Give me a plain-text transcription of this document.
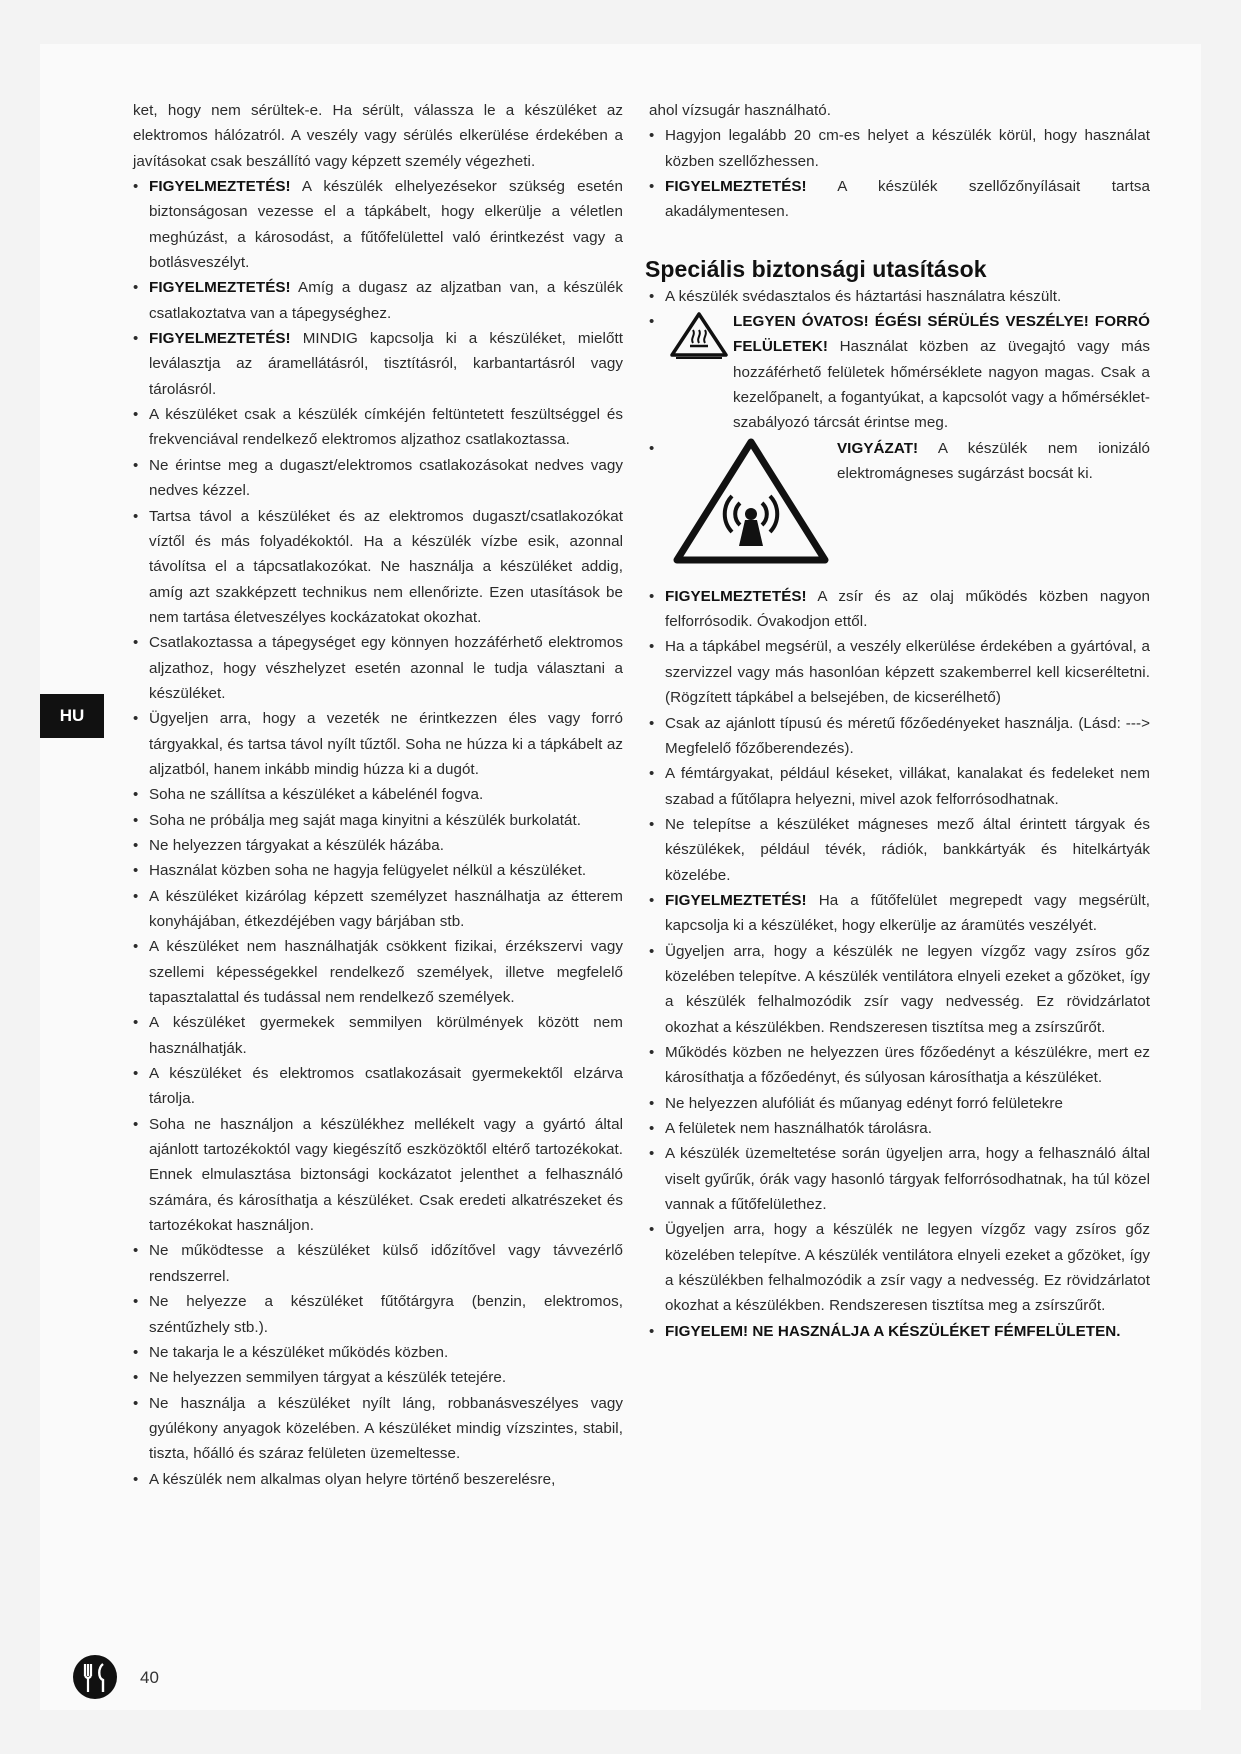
HU

ket, hogy nem sérültek-e. Ha sérült, válassza le a készüléket az elektromos hálózatról. A veszély vagy sérülés elkerülése érdekében a javításokat csak beszállító vagy képzett személy végezheti.

• FIGYELMEZTETÉS! A készülék elhelyezésekor szükség esetén biztonságosan vezesse el a tápkábelt, hogy elkerülje a véletlen meghúzást, a károsodást, a fűtőfelülettel való érintkezést vagy a botlásveszélyt.
• FIGYELMEZTETÉS! Amíg a dugasz az aljzatban van, a készülék csatlakoztatva van a tápegységhez.
• FIGYELMEZTETÉS! MINDIG kapcsolja ki a készüléket, mielőtt leválasztja az áramellátásról, tisztításról, karbantartásról vagy tárolásról.
• A készüléket csak a készülék címkéjén feltüntetett feszültséggel és frekvenciával rendelkező elektromos aljzathoz csatlakoztassa.
• Ne érintse meg a dugaszt/elektromos csatlakozásokat nedves vagy nedves kézzel.
• Tartsa távol a készüléket és az elektromos dugaszt/csatlakozókat víztől és más folyadékoktól. Ha a készülék vízbe esik, azonnal távolítsa el a tápcsatlakozókat. Ne használja a készüléket addig, amíg azt szakképzett technikus nem ellenőrizte. Ezen utasítások be nem tartása életveszélyes kockázatokat okozhat.
• Csatlakoztassa a tápegységet egy könnyen hozzáférhető elektromos aljzathoz, hogy vészhelyzet esetén azonnal le tudja választani a készüléket.
• Ügyeljen arra, hogy a vezeték ne érintkezzen éles vagy forró tárgyakkal, és tartsa távol nyílt tűztől. Soha ne húzza ki a tápkábelt az aljzatból, hanem inkább mindig húzza ki a dugót.
• Soha ne szállítsa a készüléket a kábelénél fogva.
• Soha ne próbálja meg saját maga kinyitni a készülék burkolatát.
• Ne helyezzen tárgyakat a készülék házába.
• Használat közben soha ne hagyja felügyelet nélkül a készüléket.
• A készüléket kizárólag képzett személyzet használhatja az étterem konyhájában, étkezdéjében vagy bárjában stb.
• A készüléket nem használhatják csökkent fizikai, érzékszervi vagy szellemi képességekkel rendelkező személyek, illetve megfelelő tapasztalattal és tudással nem rendelkező személyek.
• A készüléket gyermekek semmilyen körülmények között nem használhatják.
• A készüléket és elektromos csatlakozásait gyermekektől elzárva tárolja.
• Soha ne használjon a készülékhez mellékelt vagy a gyártó által ajánlott tartozékoktól vagy kiegészítő eszközöktől eltérő tartozékokat. Ennek elmulasztása biztonsági kockázatot jelenthet a felhasználó számára, és károsíthatja a készüléket. Csak eredeti alkatrészeket és tartozékokat használjon.
• Ne működtesse a készüléket külső időzítővel vagy távvezérlő rendszerrel.
• Ne helyezze a készüléket fűtőtárgyra (benzin, elektromos, széntűzhely stb.).
• Ne takarja le a készüléket működés közben.
• Ne helyezzen semmilyen tárgyat a készülék tetejére.
• Ne használja a készüléket nyílt láng, robbanásveszélyes vagy gyúlékony anyagok közelében. A készüléket mindig vízszintes, stabil, tiszta, hőálló és száraz felületen üzemeltesse.
• A készülék nem alkalmas olyan helyre történő beszerelésre,

ahol vízsugár használható.

• Hagyjon legalább 20 cm-es helyet a készülék körül, hogy használat közben szellőzhessen.
• FIGYELMEZTETÉS! A készülék szellőzőnyílásait tartsa akadálymentesen.
Speciális biztonsági utasítások
• A készülék svédasztalos és háztartási használatra készült.
•	LEGYEN ÓVATOS! ÉGÉSI SÉRÜLÉS VESZÉLYE! FORRÓ FELÜLETEK! Használat közben az üvegajtó vagy más hozzáférhető felületek hőmérséklete nagyon magas. Csak a kezelőpanelt, a fogantyúkat, a kapcsolót vagy a hőmérséklet-szabályozó tárcsát érintse meg.
•	VIGYÁZAT! A készülék nem ionizáló elektromágneses sugárzást bocsát ki.
• FIGYELMEZTETÉS! A zsír és az olaj működés közben nagyon felforrósodik. Óvakodjon ettől.
• Ha a tápkábel megsérül, a veszély elkerülése érdekében a gyártóval, a szervizzel vagy más hasonlóan képzett szakemberrel kell kicseréltetni. (Rögzített tápkábel a belsejében, de kicserélhető)
• Csak az ajánlott típusú és méretű főzőedényeket használja. (Lásd: ---> Megfelelő főzőberendezés).
• A fémtárgyakat, például késeket, villákat, kanalakat és fedeleket nem szabad a fűtőlapra helyezni, mivel azok felforrósodhatnak.
• Ne telepítse a készüléket mágneses mező által érintett tárgyak és készülékek, például tévék, rádiók, bankkártyák és hitelkártyák közelébe.
• FIGYELMEZTETÉS! Ha a fűtőfelület megrepedt vagy megsérült, kapcsolja ki a készüléket, hogy elkerülje az áramütés veszélyét.
• Ügyeljen arra, hogy a készülék ne legyen vízgőz vagy zsíros gőz közelében telepítve. A készülék ventilátora elnyeli ezeket a gőzöket, így a készülék felhalmozódik zsír vagy nedvesség. Ez rövidzárlatot okozhat a készülékben. Rendszeresen tisztítsa meg a zsírszűrőt.
• Működés közben ne helyezzen üres főzőedényt a készülékre, mert ez károsíthatja a főzőedényt, és súlyosan károsíthatja a készüléket.
• Ne helyezzen alufóliát és műanyag edényt forró felületekre
• A felületek nem használhatók tárolásra.
• A készülék üzemeltetése során ügyeljen arra, hogy a felhasználó által viselt gyűrűk, órák vagy hasonló tárgyak felforrósodhatnak, ha túl közel vannak a fűtőfelülethez.
• Ügyeljen arra, hogy a készülék ne legyen vízgőz vagy zsíros gőz közelében telepítve. A készülék ventilátora elnyeli ezeket a gőzöket, így a készülékben felhalmozódik a zsír vagy a nedvesség. Ez rövidzárlatot okozhat a készülékben. Rendszeresen tisztítsa meg a zsírszűrőt.
• FIGYELEM! NE HASZNÁLJA A KÉSZÜLÉKET FÉMFELÜLETEN.
40
